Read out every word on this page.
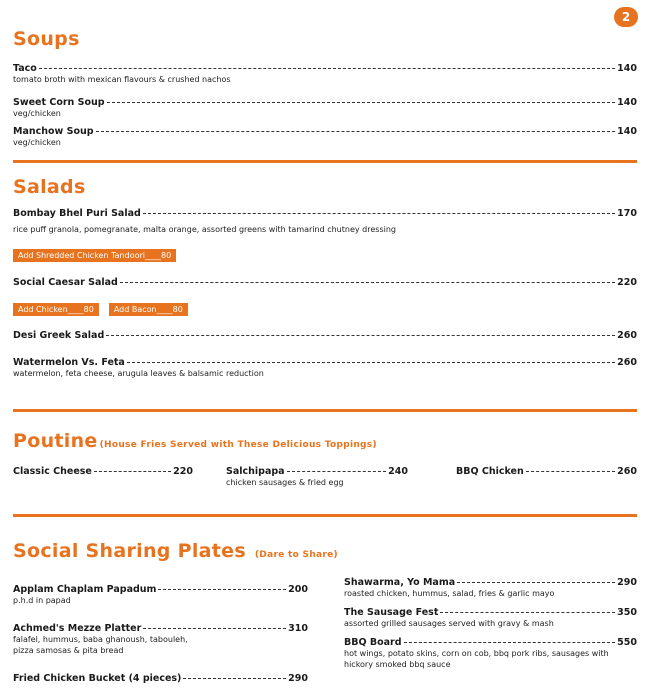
2
Soups
Taco	140
tomato broth with mexican flavours & crushed nachos
Sweet Corn Soup	140
veg/chicken
Manchow Soup	140
veg/chicken
Salads
Bombay Bhel Puri Salad	170
rice puff granola, pomegranate, malta orange, assorted greens with tamarind chutney dressing
Add Shredded Chicken Tandoori____80
Social Caesar Salad	220
Add Chicken____80	Add Bacon____80
Desi Greek Salad	260
Watermelon Vs. Feta	260
watermelon, feta cheese, arugula leaves & balsamic reduction
Poutine (House Fries Served with These Delicious Toppings)
Classic Cheese	220	Salchipapa	240
chicken sausages & fried egg
BBQ Chicken	260
Social Sharing Plates (Dare to Share)
Applam Chaplam Papadum	200
p.h.d in papad
Achmed's Mezze Platter	310
falafel, hummus, baba ghanoush, tabouleh,
pizza samosas & pita bread
Fried Chicken Bucket (4 pieces)	290
Shawarma, Yo Mama	290
roasted chicken, hummus, salad, fries & garlic mayo
The Sausage Fest	350
assorted grilled sausages served with gravy & mash
BBQ Board	550
hot wings, potato skins, corn on cob, bbq pork ribs, sausages with
hickory smoked bbq sauce
